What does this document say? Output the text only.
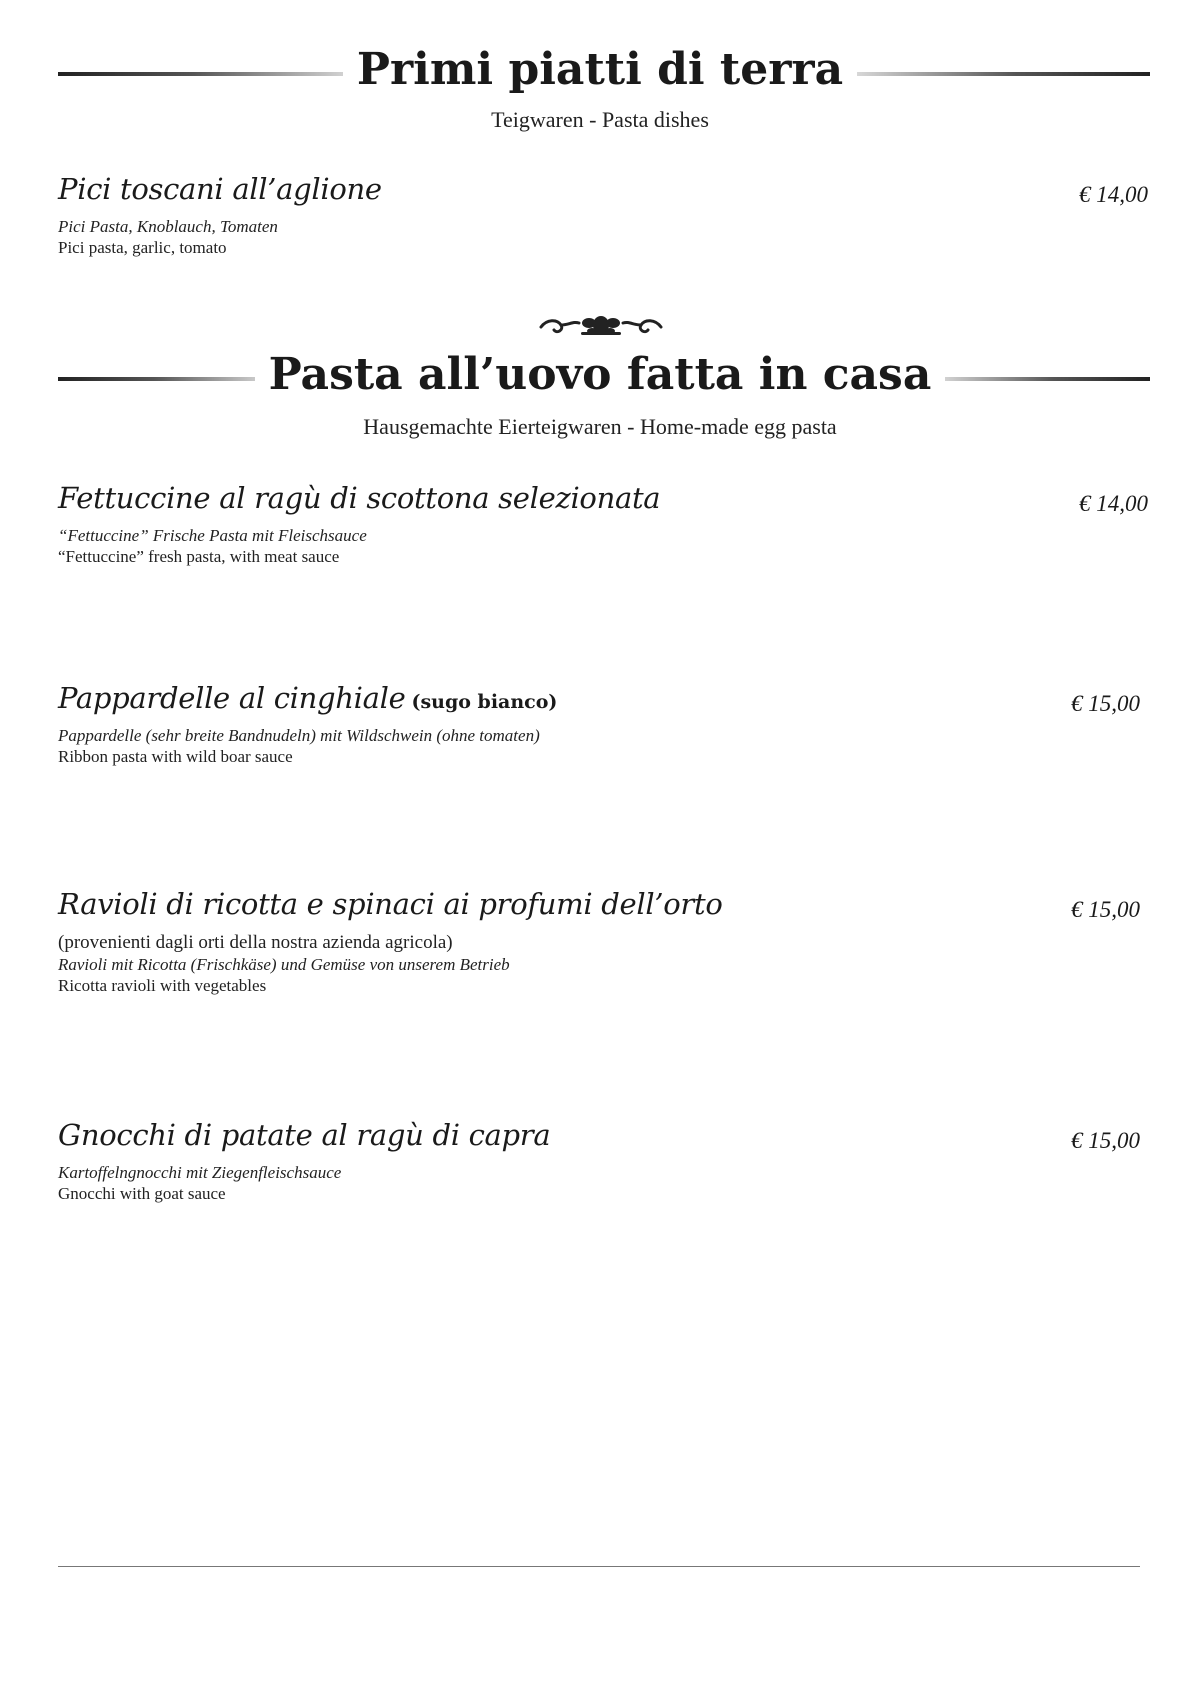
Primi piatti di terra

Teigwaren - Pasta dishes

Pici toscani all’aglione	€ 14,00
Pici Pasta, Knoblauch, Tomaten
Pici pasta, garlic, tomato
Pasta all’uovo fatta in casa

Hausgemachte Eierteigwaren - Home-made egg pasta

Fettuccine al ragù di scottona selezionata	€ 14,00
“Fettuccine” Frische Pasta mit Fleischsauce
“Fettuccine” fresh pasta, with meat sauce
Pappardelle al cinghiale (sugo bianco)	€ 15,00
Pappardelle (sehr breite Bandnudeln) mit Wildschwein (ohne tomaten)
Ribbon pasta with wild boar sauce
Ravioli di ricotta e spinaci ai profumi dell’orto	€ 15,00
(provenienti dagli orti della nostra azienda agricola)
Ravioli mit Ricotta (Frischkäse) und Gemüse von unserem Betrieb
Ricotta ravioli with vegetables
Gnocchi di patate al ragù di capra	€ 15,00
Kartoffelngnocchi mit Ziegenfleischsauce
Gnocchi with goat sauce
